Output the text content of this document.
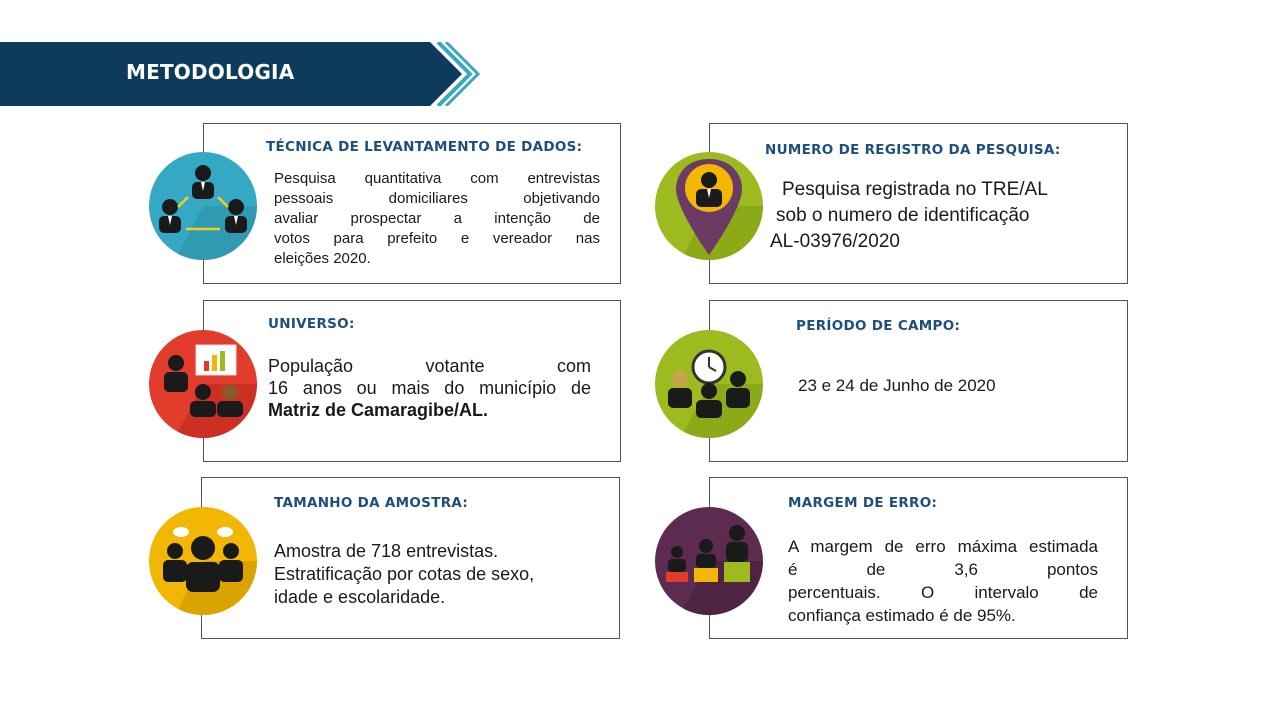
METODOLOGIA
TÉCNICA DE LEVANTAMENTO DE DADOS:
Pesquisa quantitativa com entrevistas
pessoais domiciliares objetivando
avaliar prospectar a intenção de
votos para prefeito e vereador nas
eleições 2020.
NUMERO DE REGISTRO DA PESQUISA:
Pesquisa registrada no TRE/AL
sob o numero de identificação
AL-03976/2020
UNIVERSO:
População votante com
16 anos ou mais do município de
Matriz de Camaragibe/AL.
PERÍODO DE CAMPO:
23 e 24 de Junho de 2020
TAMANHO DA AMOSTRA:
Amostra de 718 entrevistas.
Estratificação por cotas de sexo,
idade e escolaridade.
MARGEM DE ERRO:
A margem de erro máxima estimada
é de 3,6 pontos
percentuais. O intervalo de
confiança estimado é de 95%.
